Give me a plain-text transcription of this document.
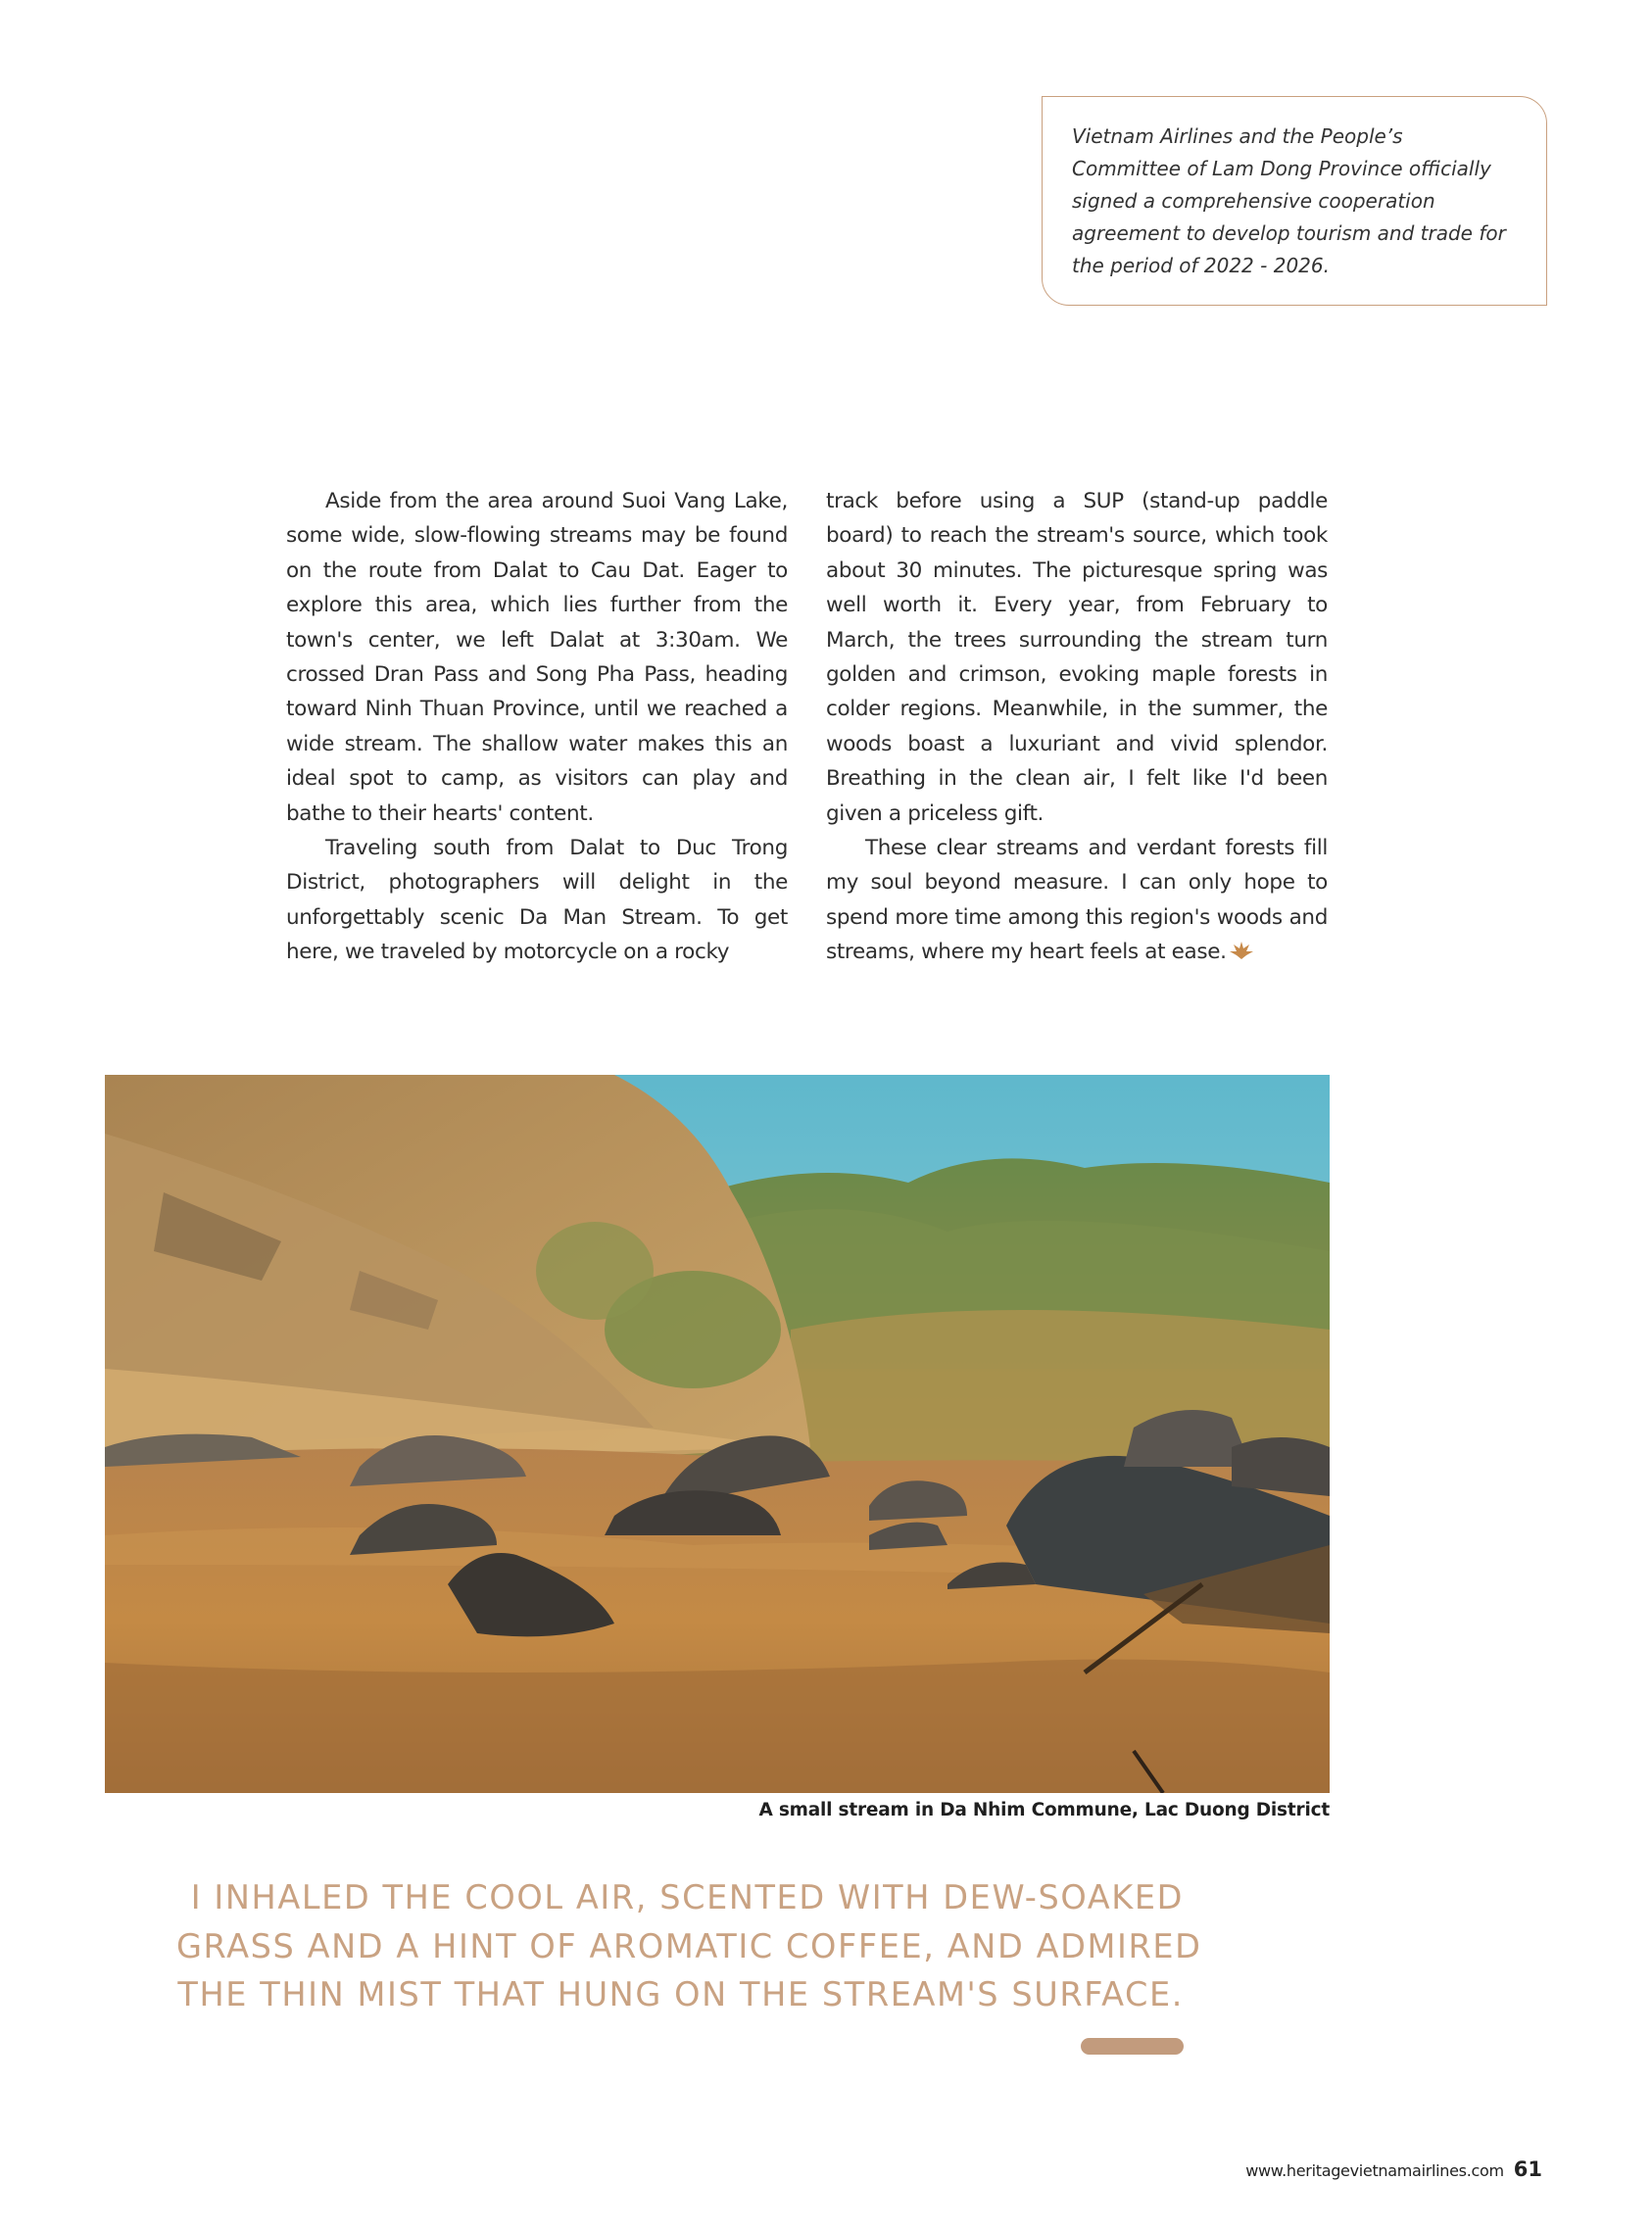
Vietnam Airlines and the People’s Committee of Lam Dong Province officially signed a comprehensive cooperation agreement to develop tourism and trade for the period of 2022 - 2026.

Aside from the area around Suoi Vang Lake, some wide, slow-flowing streams may be found on the route from Dalat to Cau Dat. Eager to explore this area, which lies further from the town's center, we left Dalat at 3:30am. We crossed Dran Pass and Song Pha Pass, heading toward Ninh Thuan Province, until we reached a wide stream. The shallow water makes this an ideal spot to camp, as visitors can play and bathe to their hearts' content.

Traveling south from Dalat to Duc Trong District, photographers will delight in the unforgettably scenic Da Man Stream. To get here, we traveled by motorcycle on a rocky

track before using a SUP (stand-up paddle board) to reach the stream's source, which took about 30 minutes. The picturesque spring was well worth it. Every year, from February to March, the trees surrounding the stream turn golden and crimson, evoking maple forests in colder regions. Meanwhile, in the summer, the woods boast a luxuriant and vivid splendor. Breathing in the clean air, I felt like I'd been given a priceless gift.

These clear streams and verdant forests fill my soul beyond measure. I can only hope to spend more time among this region's woods and streams, where my heart feels at ease.

A small stream in Da Nhim Commune, Lac Duong District
I INHALED THE COOL AIR, SCENTED WITH DEW-SOAKED
GRASS AND A HINT OF AROMATIC COFFEE, AND ADMIRED
THE THIN MIST THAT HUNG ON THE STREAM'S SURFACE.
www.heritagevietnamairlines.com 61
